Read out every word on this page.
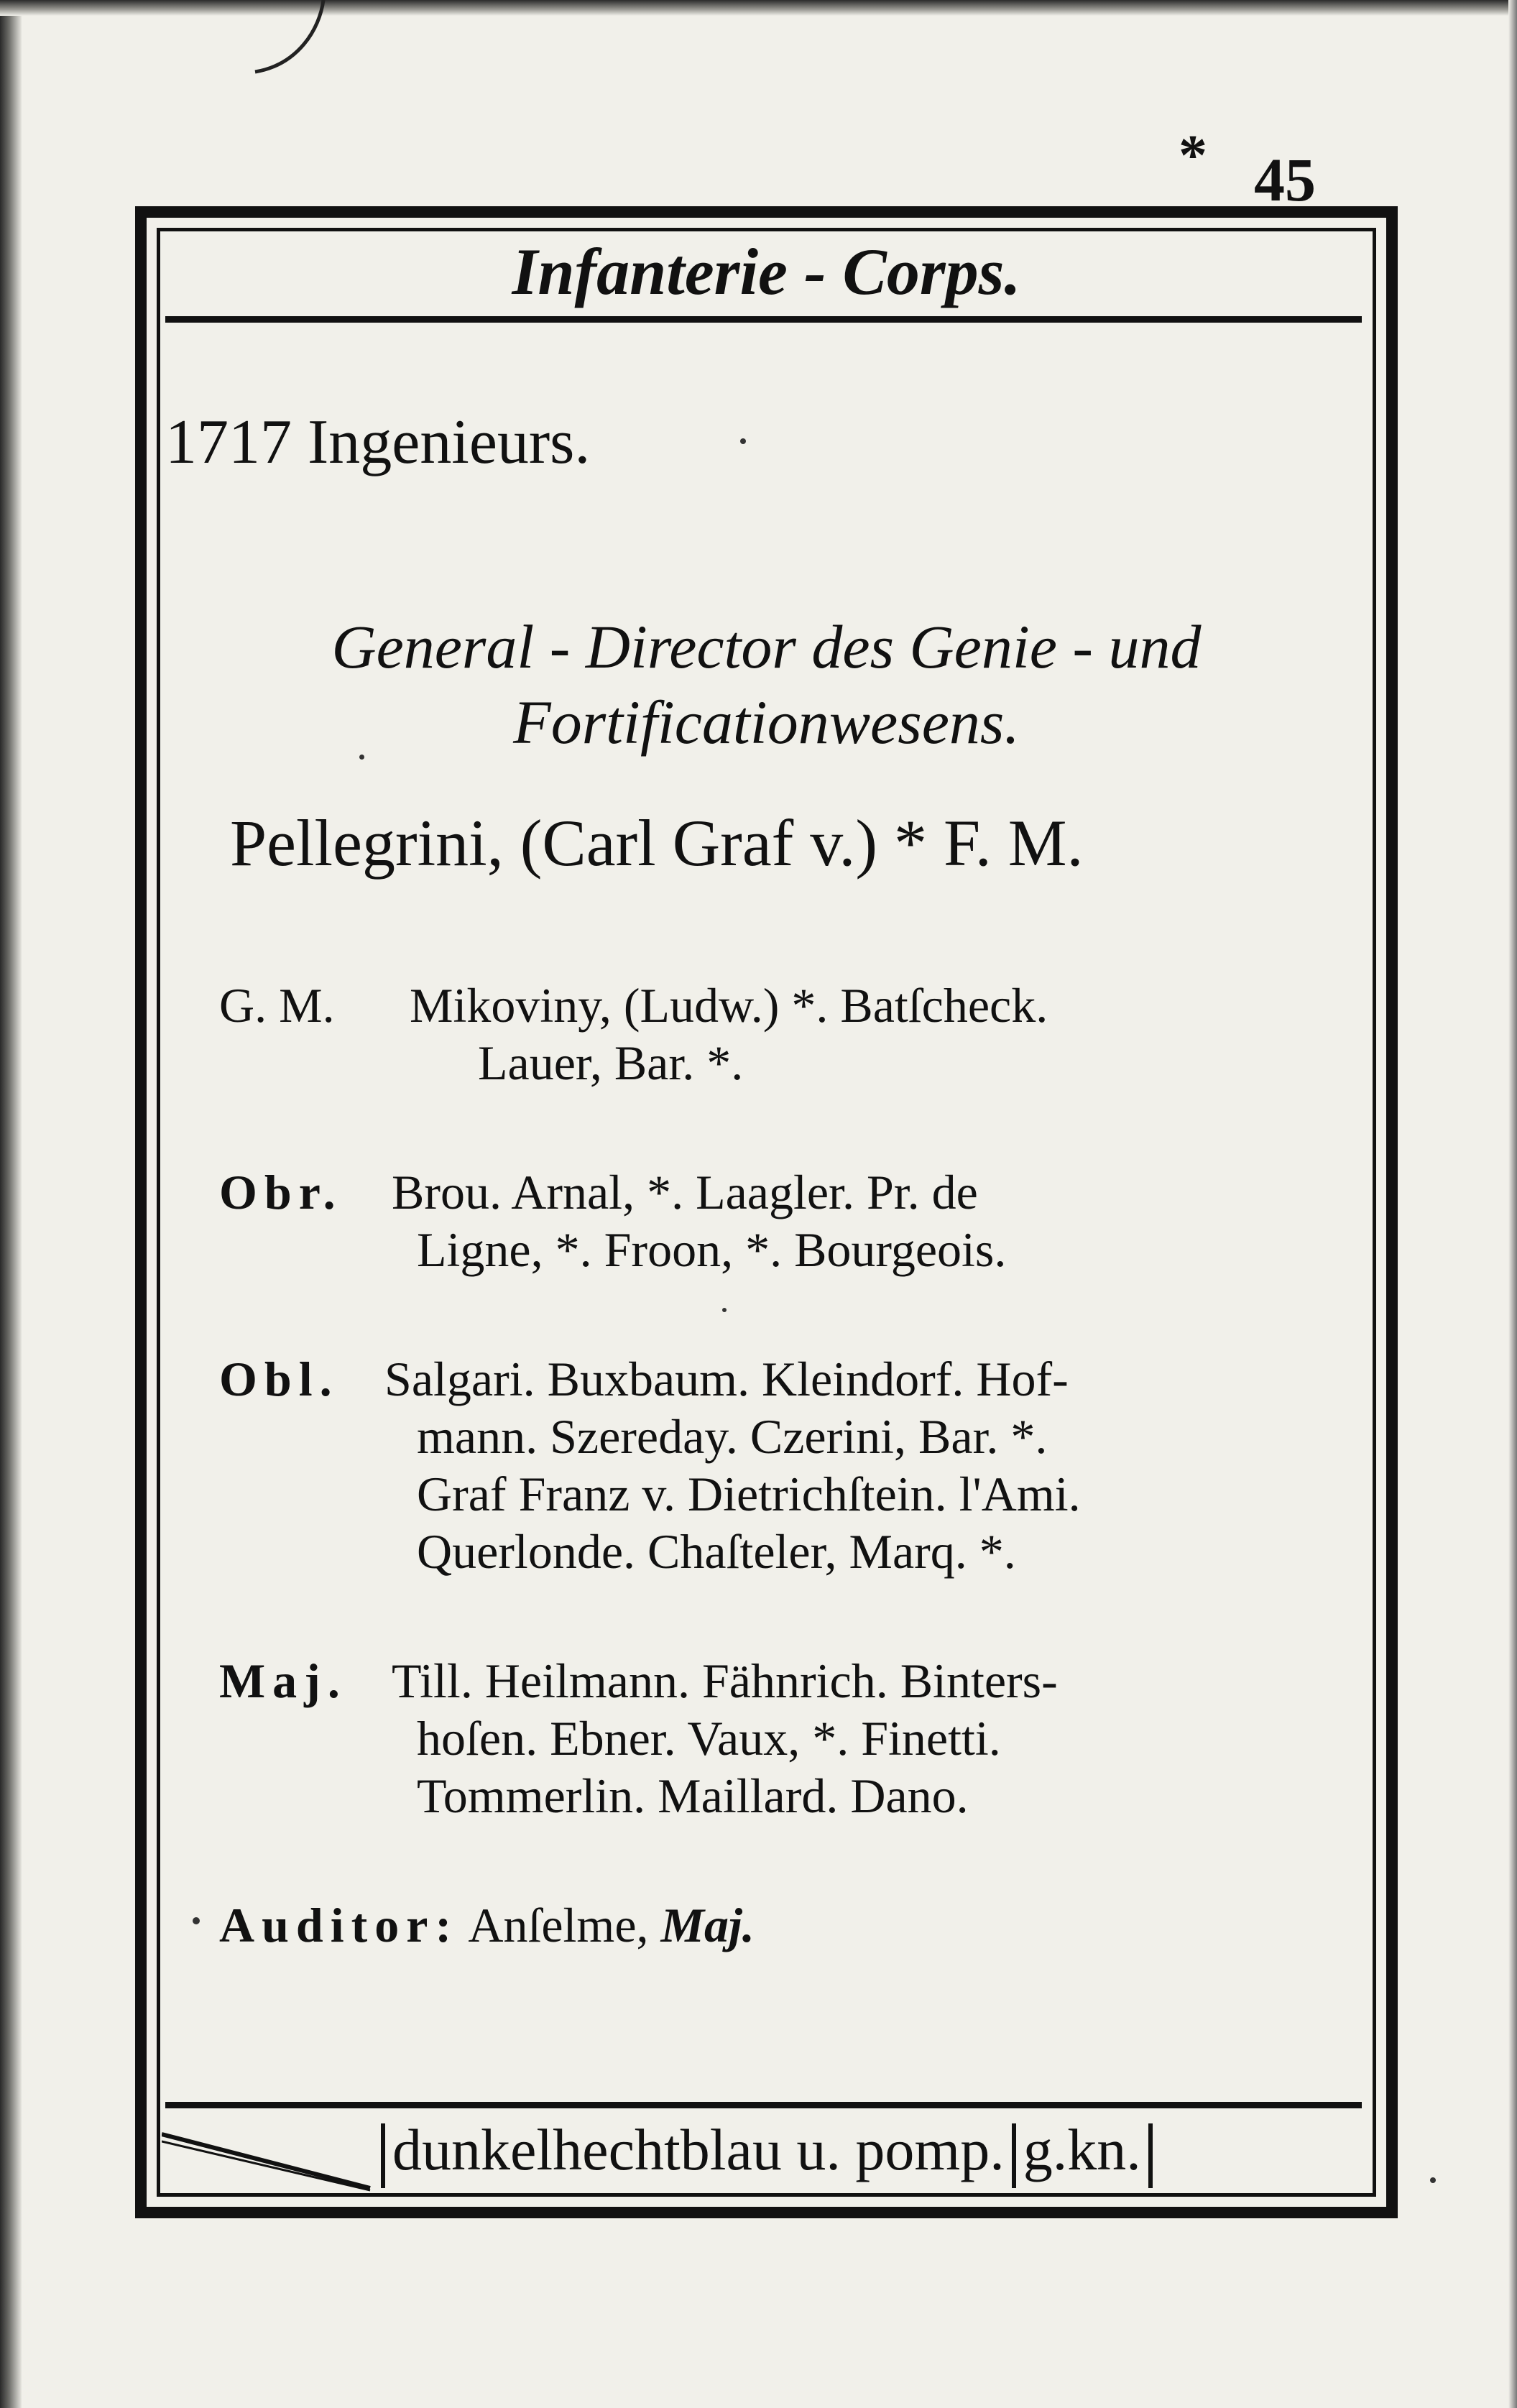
* 45
Infanterie - Corps.
1717 Ingenieurs.
General - Director des Genie - und
Fortificationwesens.
Pellegrini, (Carl Graf v.) * F. M.
G. M. Mikoviny, (Ludw.) *. Batſcheck.
Lauer, Bar. *.
Obr. Brou. Arnal, *. Laagler. Pr. de
Ligne, *. Froon, *. Bourgeois.
Obl. Salgari. Buxbaum. Kleindorf. Hof-
mann. Szereday. Czerini, Bar. *.
Graf Franz v. Dietrichſtein. l'Ami.
Querlonde. Chaſteler, Marq. *.
Maj. Till. Heilmann. Fähnrich. Binters-
hoſen. Ebner. Vaux, *. Finetti.
Tommerlin. Maillard. Dano.
Auditor: Anſelme, Maj.
dunkelhechtblau u. pomp. g.kn.
